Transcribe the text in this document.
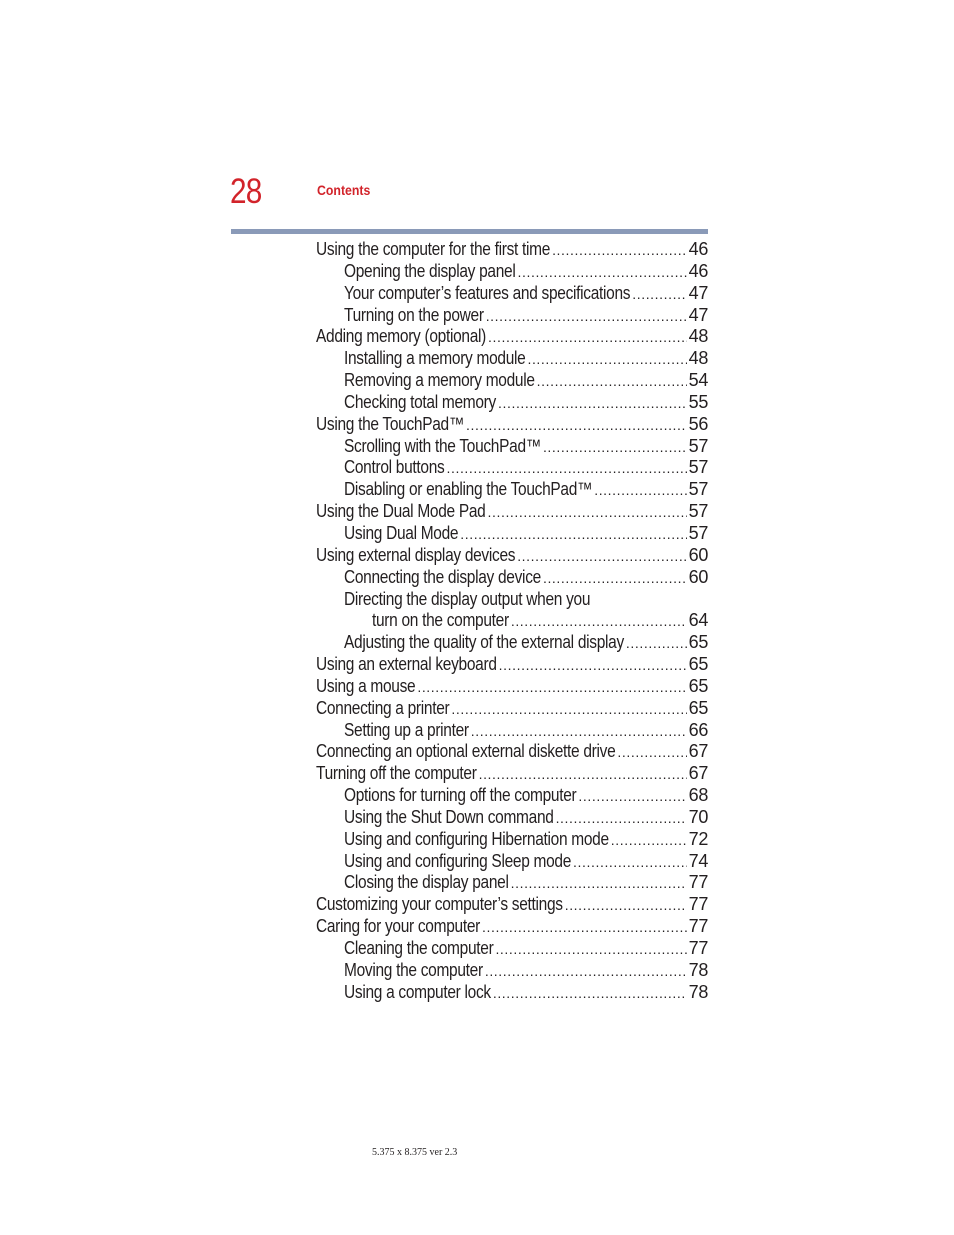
28	Contents
Using the computer for the first time .....	46
Opening the display panel .....	46
Your computer’s features and specifications .....	47
Turning on the power .....	47
Adding memory (optional) .....	48
Installing a memory module .....	48
Removing a memory module .....	54
Checking total memory .....	55
Using the TouchPad™ .....	56
Scrolling with the TouchPad™ .....	57
Control buttons .....	57
Disabling or enabling the TouchPad™ .....	57
Using the Dual Mode Pad .....	57
Using Dual Mode .....	57
Using external display devices .....	60
Connecting the display device .....	60
Directing the display output when you
turn on the computer .....	64
Adjusting the quality of the external display .....	65
Using an external keyboard .....	65
Using a mouse .....	65
Connecting a printer .....	65
Setting up a printer .....	66
Connecting an optional external diskette drive .....	67
Turning off the computer .....	67
Options for turning off the computer .....	68
Using the Shut Down command .....	70
Using and configuring Hibernation mode .....	72
Using and configuring Sleep mode .....	74
Closing the display panel .....	77
Customizing your computer’s settings .....	77
Caring for your computer .....	77
Cleaning the computer .....	77
Moving the computer .....	78
Using a computer lock .....	78
5.375 x 8.375 ver 2.3
